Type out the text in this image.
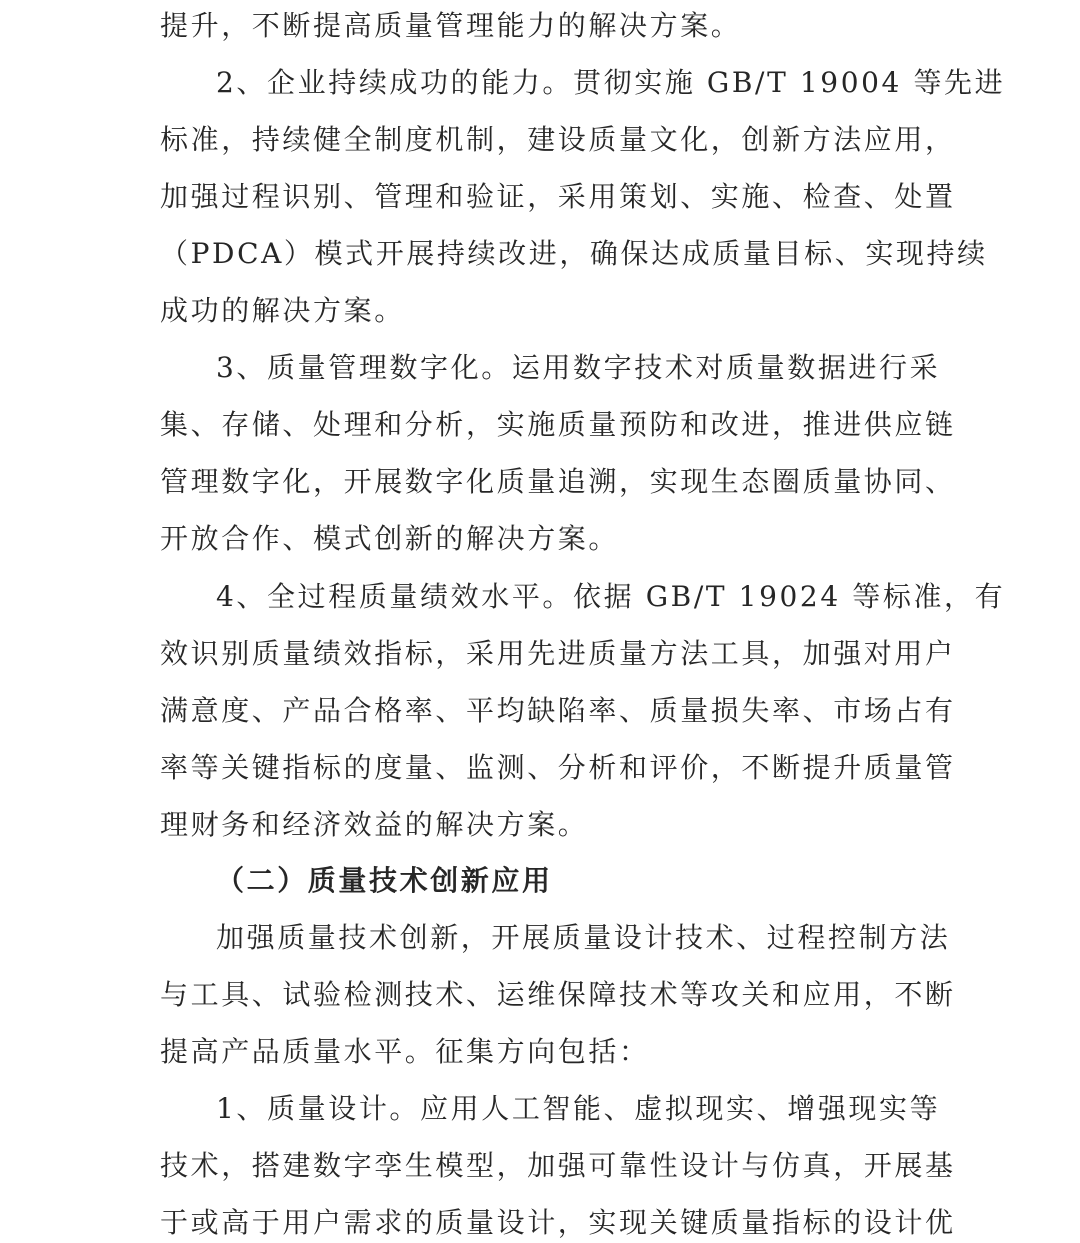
提升，不断提高质量管理能力的解决方案。
2、企业持续成功的能力。贯彻实施 GB/T 19004 等先进
标准，持续健全制度机制，建设质量文化，创新方法应用，
加强过程识别、管理和验证，采用策划、实施、检查、处置
（PDCA）模式开展持续改进，确保达成质量目标、实现持续
成功的解决方案。
3、质量管理数字化。运用数字技术对质量数据进行采
集、存储、处理和分析，实施质量预防和改进，推进供应链
管理数字化，开展数字化质量追溯，实现生态圈质量协同、
开放合作、模式创新的解决方案。
4、全过程质量绩效水平。依据 GB/T 19024 等标准，有
效识别质量绩效指标，采用先进质量方法工具，加强对用户
满意度、产品合格率、平均缺陷率、质量损失率、市场占有
率等关键指标的度量、监测、分析和评价，不断提升质量管
理财务和经济效益的解决方案。
（二）质量技术创新应用
加强质量技术创新，开展质量设计技术、过程控制方法
与工具、试验检测技术、运维保障技术等攻关和应用，不断
提高产品质量水平。征集方向包括：
1、质量设计。应用人工智能、虚拟现实、增强现实等
技术，搭建数字孪生模型，加强可靠性设计与仿真，开展基
于或高于用户需求的质量设计，实现关键质量指标的设计优
